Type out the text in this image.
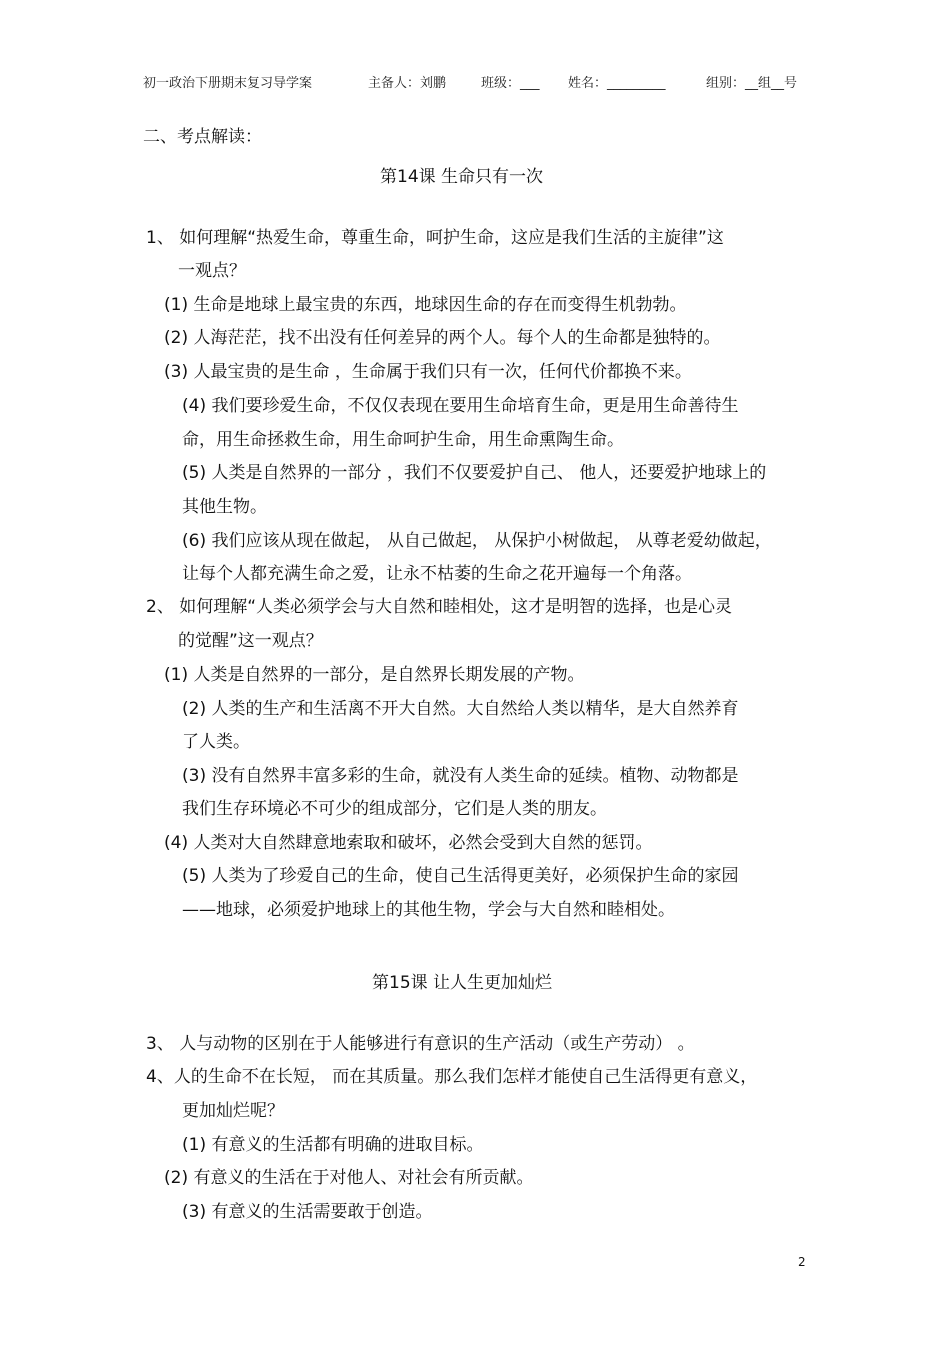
初一政治下册期末复习导学案	主备人：刘鹏	班级：___ 姓名：_________	组别：__组__号
二、考点解读：
第14课 生命只有一次
1、 如何理解“热爱生命，尊重生命，呵护生命，这应是我们生活的主旋律”这
一观点？
(1) 生命是地球上最宝贵的东西，地球因生命的存在而变得生机勃勃。
(2) 人海茫茫，找不出没有任何差异的两个人。每个人的生命都是独特的。
(3) 人最宝贵的是生命 ，生命属于我们只有一次，任何代价都换不来。
(4) 我们要珍爱生命，不仅仅表现在要用生命培育生命，更是用生命善待生
命，用生命拯救生命，用生命呵护生命，用生命熏陶生命。
(5) 人类是自然界的一部分 ，我们不仅要爱护自己、 他人，还要爱护地球上的
其他生物。
(6) 我们应该从现在做起， 从自己做起， 从保护小树做起， 从尊老爱幼做起，
让每个人都充满生命之爱，让永不枯萎的生命之花开遍每一个角落。
2、 如何理解“人类必须学会与大自然和睦相处，这才是明智的选择，也是心灵
的觉醒”这一观点？
(1) 人类是自然界的一部分，是自然界长期发展的产物。
(2) 人类的生产和生活离不开大自然。大自然给人类以精华，是大自然养育
了人类。
(3) 没有自然界丰富多彩的生命，就没有人类生命的延续。植物、动物都是
我们生存环境必不可少的组成部分，它们是人类的朋友。
(4) 人类对大自然肆意地索取和破坏，必然会受到大自然的惩罚。
(5) 人类为了珍爱自己的生命，使自己生活得更美好，必须保护生命的家园
——地球，必须爱护地球上的其他生物，学会与大自然和睦相处。
第15课 让人生更加灿烂
3、 人与动物的区别在于人能够进行有意识的生产活动（或生产劳动） 。
4、人的生命不在长短， 而在其质量。那么我们怎样才能使自己生活得更有意义，
更加灿烂呢？
(1) 有意义的生活都有明确的进取目标。
(2) 有意义的生活在于对他人、对社会有所贡献。
(3) 有意义的生活需要敢于创造。
2
